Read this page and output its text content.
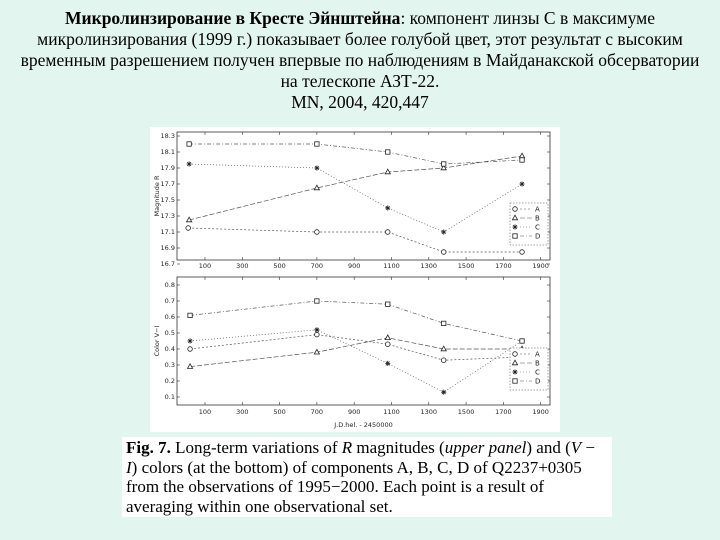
Микролинзирование в Кресте Эйнштейна: компонент линзы С в максимуме микролинзирования (1999 г.) показывает более голубой цвет, этот результат с высоким временным разрешением получен впервые по наблюдениям в Майданакской обсерватории на телескопе АЗТ-22.
MN, 2004, 420,447
100	300	500	700	900	1100	1300	1500	1700	1900
16.7
16.9
17.1
17.3
17.5
17.7
17.9
18.1
18.3
Magnitude R	A
B
C
D
100	300	500	700	900	1100	1300	1500	1700	1900
0.1
0.2
0.3
0.4
0.5
0.6
0.7
0.8
Color V−I
J.D.hel. - 2450000
A
B
C
D
Fig. 7. Long-term variations of R magnitudes (upper panel) and (V − I) colors (at the bottom) of components A, B, C, D of Q2237+0305 from the observations of 1995−2000. Each point is a result of averaging within one observational set.
